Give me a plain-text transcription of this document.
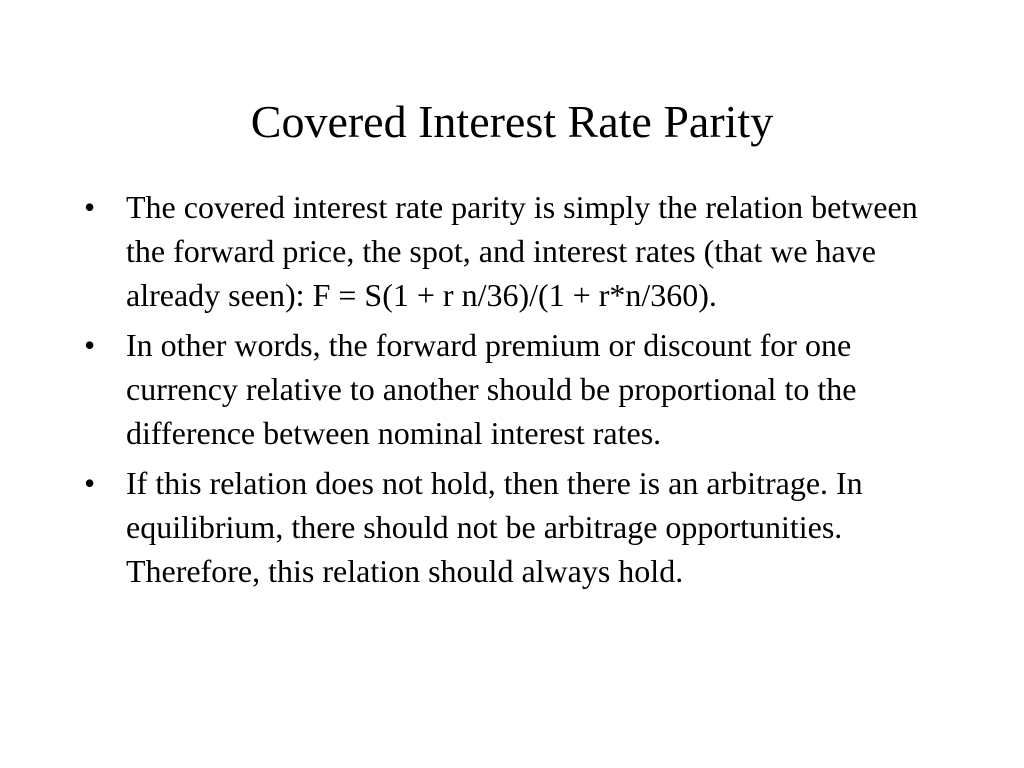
Covered Interest Rate Parity
• The covered interest rate parity is simply the relation between the forward price, the spot, and interest rates (that we have already seen): F = S(1 + r n/36)/(1 + r*n/360).
• In other words, the forward premium or discount for one currency relative to another should be proportional to the difference between nominal interest rates.
• If this relation does not hold, then there is an arbitrage. In equilibrium, there should not be arbitrage opportunities. Therefore, this relation should always hold.
